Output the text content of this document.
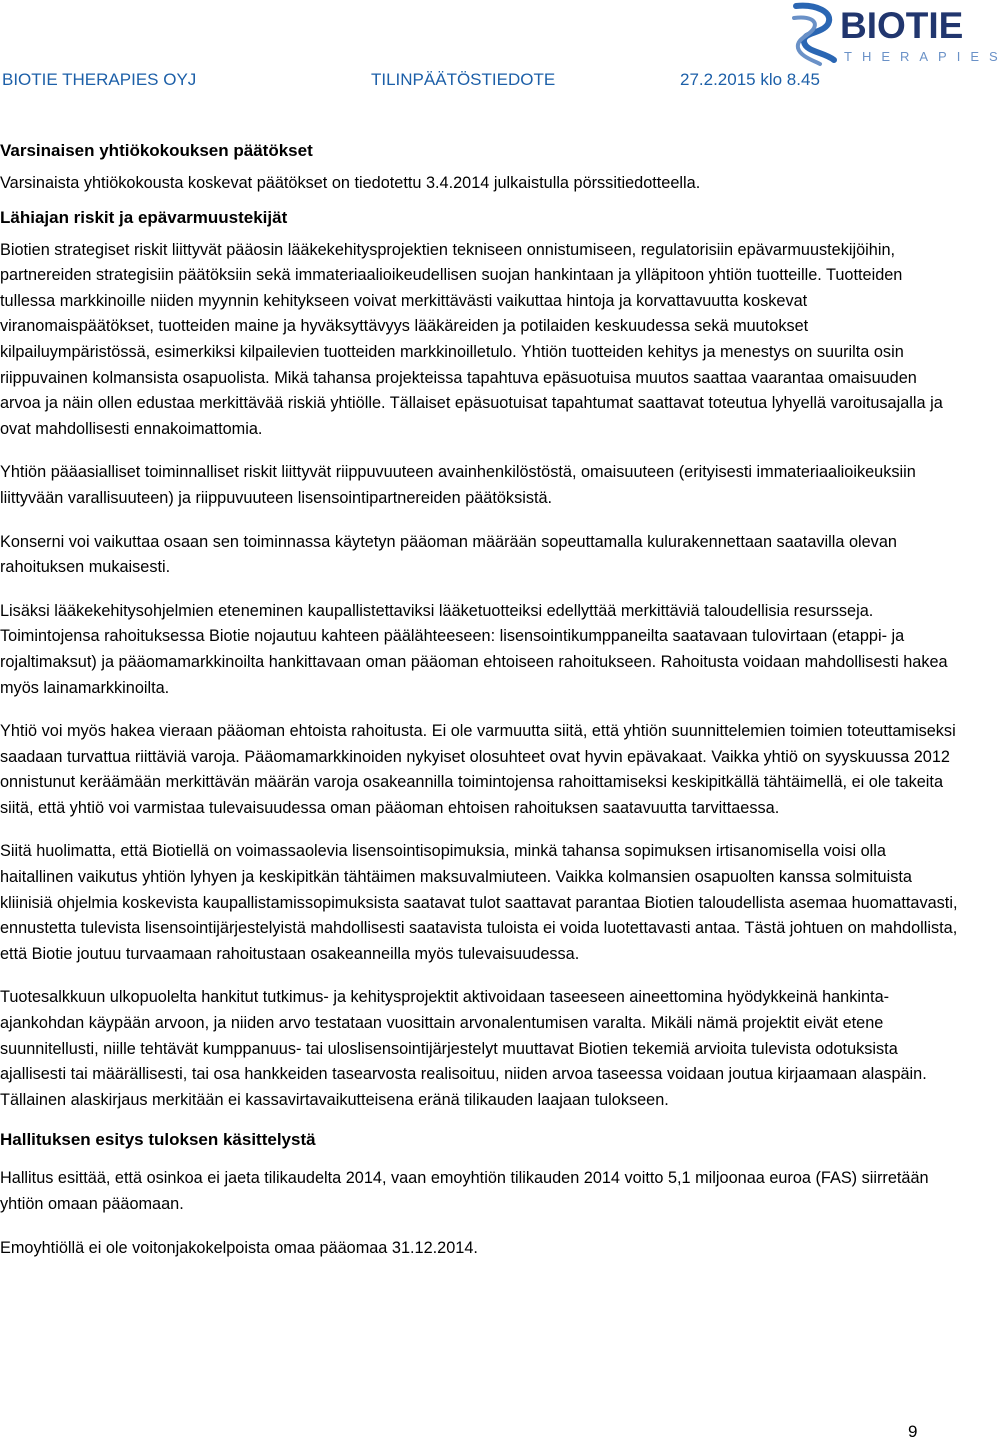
BIOTIE THERAPIES OYJ	TILINPÄÄTÖSTIEDOTE	27.2.2015 klo 8.45
BIOTIE
THERAPIES
Varsinaisen yhtiökokouksen päätökset

Varsinaista yhtiökokousta koskevat päätökset on tiedotettu 3.4.2014 julkaistulla pörssitiedotteella.

Lähiajan riskit ja epävarmuustekijät

Biotien strategiset riskit liittyvät pääosin lääkekehitysprojektien tekniseen onnistumiseen, regulatorisiin epävarmuustekijöihin, partnereiden strategisiin päätöksiin sekä immateriaalioikeudellisen suojan hankintaan ja ylläpitoon yhtiön tuotteille. Tuotteiden tullessa markkinoille niiden myynnin kehitykseen voivat merkittävästi vaikuttaa hintoja ja korvattavuutta koskevat viranomaispäätökset, tuotteiden maine ja hyväksyttävyys lääkäreiden ja potilaiden keskuudessa sekä muutokset kilpailuympäristössä, esimerkiksi kilpailevien tuotteiden markkinoilletulo. Yhtiön tuotteiden kehitys ja menestys on suurilta osin riippuvainen kolmansista osapuolista. Mikä tahansa projekteissa tapahtuva epäsuotuisa muutos saattaa vaarantaa omaisuuden arvoa ja näin ollen edustaa merkittävää riskiä yhtiölle. Tällaiset epäsuotuisat tapahtumat saattavat toteutua lyhyellä varoitusajalla ja ovat mahdollisesti ennakoimattomia.

Yhtiön pääasialliset toiminnalliset riskit liittyvät riippuvuuteen avainhenkilöstöstä, omaisuuteen (erityisesti immateriaalioikeuksiin liittyvään varallisuuteen) ja riippuvuuteen lisensointipartnereiden päätöksistä.

Konserni voi vaikuttaa osaan sen toiminnassa käytetyn pääoman määrään sopeuttamalla kulurakennettaan saatavilla olevan rahoituksen mukaisesti.

Lisäksi lääkekehitysohjelmien eteneminen kaupallistettaviksi lääketuotteiksi edellyttää merkittäviä taloudellisia resursseja. Toimintojensa rahoituksessa Biotie nojautuu kahteen päälähteeseen: lisensointikumppaneilta saatavaan tulovirtaan (etappi- ja rojaltimaksut) ja pääomamarkkinoilta hankittavaan oman pääoman ehtoiseen rahoitukseen. Rahoitusta voidaan mahdollisesti hakea myös lainamarkkinoilta.

Yhtiö voi myös hakea vieraan pääoman ehtoista rahoitusta. Ei ole varmuutta siitä, että yhtiön suunnittelemien toimien toteuttamiseksi saadaan turvattua riittäviä varoja. Pääomamarkkinoiden nykyiset olosuhteet ovat hyvin epävakaat. Vaikka yhtiö on syyskuussa 2012 onnistunut keräämään merkittävän määrän varoja osakeannilla toimintojensa rahoittamiseksi keskipitkällä tähtäimellä, ei ole takeita siitä, että yhtiö voi varmistaa tulevaisuudessa oman pääoman ehtoisen rahoituksen saatavuutta tarvittaessa.

Siitä huolimatta, että Biotiellä on voimassaolevia lisensointisopimuksia, minkä tahansa sopimuksen irtisanomisella voisi olla haitallinen vaikutus yhtiön lyhyen ja keskipitkän tähtäimen maksuvalmiuteen. Vaikka kolmansien osapuolten kanssa solmituista kliinisiä ohjelmia koskevista kaupallistamissopimuksista saatavat tulot saattavat parantaa Biotien taloudellista asemaa huomattavasti, ennustetta tulevista lisensointijärjestelyistä mahdollisesti saatavista tuloista ei voida luotettavasti antaa. Tästä johtuen on mahdollista, että Biotie joutuu turvaamaan rahoitustaan osakeanneilla myös tulevaisuudessa.

Tuotesalkkuun ulkopuolelta hankitut tutkimus- ja kehitysprojektit aktivoidaan taseeseen aineettomina hyödykkeinä hankinta-ajankohdan käypään arvoon, ja niiden arvo testataan vuosittain arvonalentumisen varalta. Mikäli nämä projektit eivät etene suunnitellusti, niille tehtävät kumppanuus- tai uloslisensointijärjestelyt muuttavat Biotien tekemiä arvioita tulevista odotuksista ajallisesti tai määrällisesti, tai osa hankkeiden tasearvosta realisoituu, niiden arvoa taseessa voidaan joutua kirjaamaan alaspäin. Tällainen alaskirjaus merkitään ei kassavirtavaikutteisena eränä tilikauden laajaan tulokseen.

Hallituksen esitys tuloksen käsittelystä

Hallitus esittää, että osinkoa ei jaeta tilikaudelta 2014, vaan emoyhtiön tilikauden 2014 voitto 5,1 miljoonaa euroa (FAS) siirretään yhtiön omaan pääomaan.

Emoyhtiöllä ei ole voitonjakokelpoista omaa pääomaa 31.12.2014.

9
